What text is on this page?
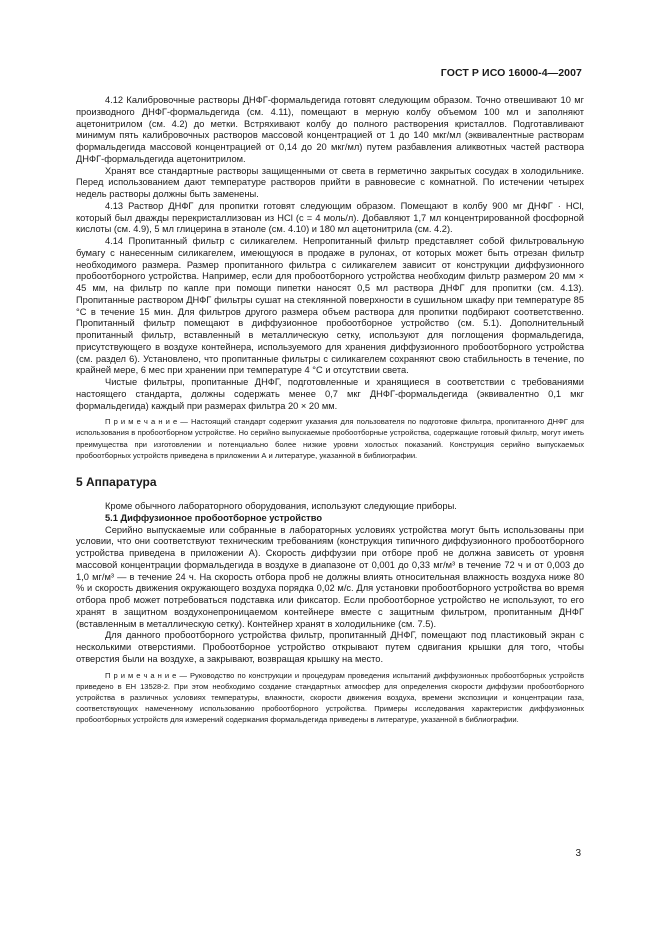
ГОСТ Р ИСО 16000-4—2007

4.12 Калибровочные растворы ДНФГ-формальдегида готовят следующим образом. Точно отвешивают 10 мг производного ДНФГ-формальдегида (см. 4.11), помещают в мерную колбу объемом 100 мл и заполняют ацетонитрилом (см. 4.2) до метки. Встряхивают колбу до полного растворения кристаллов. Подготавливают минимум пять калибровочных растворов массовой концентрацией от 1 до 140 мкг/мл (эквивалентные растворам формальдегида массовой концентрацией от 0,14 до 20 мкг/мл) путем разбавления аликвотных частей раствора ДНФГ-формальдегида ацетонитрилом.

Хранят все стандартные растворы защищенными от света в герметично закрытых сосудах в холодильнике. Перед использованием дают температуре растворов прийти в равновесие с комнатной. По истечении четырех недель растворы должны быть заменены.

4.13 Раствор ДНФГ для пропитки готовят следующим образом. Помещают в колбу 900 мг ДНФГ · HCl, который был дважды перекристаллизован из HCl (c = 4 моль/л). Добавляют 1,7 мл концентрированной фосфорной кислоты (см. 4.9), 5 мл глицерина в этаноле (см. 4.10) и 180 мл ацетонитрила (см. 4.2).

4.14 Пропитанный фильтр с силикагелем. Непропитанный фильтр представляет собой фильтровальную бумагу с нанесенным силикагелем, имеющуюся в продаже в рулонах, от которых может быть отрезан фильтр необходимого размера. Размер пропитанного фильтра с силикагелем зависит от конструкции диффузионного пробоотборного устройства. Например, если для пробоотборного устройства необходим фильтр размером 20 мм × 45 мм, на фильтр по капле при помощи пипетки наносят 0,5 мл раствора ДНФГ для пропитки (см. 4.13). Пропитанные раствором ДНФГ фильтры сушат на стеклянной поверхности в сушильном шкафу при температуре 85 °С в течение 15 мин. Для фильтров другого размера объем раствора для пропитки подбирают соответственно. Пропитанный фильтр помещают в диффузионное пробоотборное устройство (см. 5.1). Дополнительный пропитанный фильтр, вставленный в металлическую сетку, используют для поглощения формальдегида, присутствующего в воздухе контейнера, используемого для хранения диффузионного пробоотборного устройства (см. раздел 6). Установлено, что пропитанные фильтры с силикагелем сохраняют свою стабильность в течение, по крайней мере, 6 мес при хранении при температуре 4 °С и отсутствии света.

Чистые фильтры, пропитанные ДНФГ, подготовленные и хранящиеся в соответствии с требованиями настоящего стандарта, должны содержать менее 0,7 мкг ДНФГ-формальдегида (эквивалентно 0,1 мкг формальдегида) каждый при размерах фильтра 20 × 20 мм.

П р и м е ч а н и е — Настоящий стандарт содержит указания для пользователя по подготовке фильтра, пропитанного ДНФГ для использования в пробоотборном устройстве. Но серийно выпускаемые пробоотборные устройства, содержащие готовый фильтр, могут иметь преимущества при изготовлении и потенциально более низкие уровни холостых показаний. Конструкция серийно выпускаемых пробоотборных устройств приведена в приложении А и литературе, указанной в библиографии.

5 Аппаратура

Кроме обычного лабораторного оборудования, используют следующие приборы.

5.1 Диффузионное пробоотборное устройство

Серийно выпускаемые или собранные в лабораторных условиях устройства могут быть использованы при условии, что они соответствуют техническим требованиям (конструкция типичного диффузионного пробоотборного устройства приведена в приложении А). Скорость диффузии при отборе проб не должна зависеть от уровня массовой концентрации формальдегида в воздухе в диапазоне от 0,001 до 0,33 мг/м³ в течение 72 ч и от 0,003 до 1,0 мг/м³ — в течение 24 ч. На скорость отбора проб не должны влиять относительная влажность воздуха ниже 80 % и скорость движения окружающего воздуха порядка 0,02 м/с. Для установки пробоотборного устройства во время отбора проб может потребоваться подставка или фиксатор. Если пробоотборное устройство не используют, то его хранят в защитном воздухонепроницаемом контейнере вместе с защитным фильтром, пропитанным ДНФГ (вставленным в металлическую сетку). Контейнер хранят в холодильнике (см. 7.5).

Для данного пробоотборного устройства фильтр, пропитанный ДНФГ, помещают под пластиковый экран с несколькими отверстиями. Пробоотборное устройство открывают путем сдвигания крышки для того, чтобы отверстия были на воздухе, а закрывают, возвращая крышку на место.

П р и м е ч а н и е — Руководство по конструкции и процедурам проведения испытаний диффузионных пробоотборных устройств приведено в ЕН 13528-2. При этом необходимо создание стандартных атмосфер для определения скорости диффузии пробоотборного устройства в различных условиях температуры, влажности, скорости движения воздуха, времени экспозиции и концентрации газа, соответствующих намеченному использованию пробоотборного устройства. Примеры исследования характеристик диффузионных пробоотборных устройств для измерений содержания формальдегида приведены в литературе, указанной в библиографии.

3
